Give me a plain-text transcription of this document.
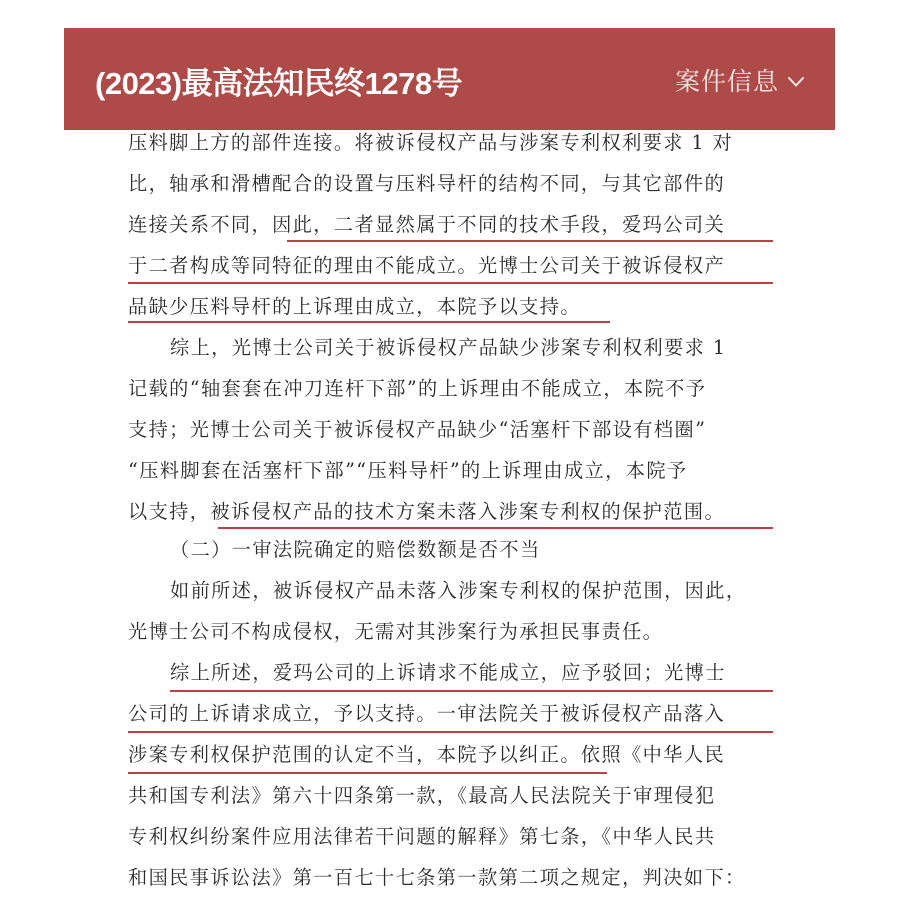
压料脚上方的部件连接。将被诉侵权产品与涉案专利权利要求 1 对
比，轴承和滑槽配合的设置与压料导杆的结构不同，与其它部件的
连接关系不同，因此，二者显然属于不同的技术手段，爱玛公司关
于二者构成等同特征的理由不能成立。光博士公司关于被诉侵权产
品缺少压料导杆的上诉理由成立，本院予以支持。
综上，光博士公司关于被诉侵权产品缺少涉案专利权利要求 1
记载的“轴套套在冲刀连杆下部”的上诉理由不能成立，本院不予
支持；光博士公司关于被诉侵权产品缺少“活塞杆下部设有档圈”
“压料脚套在活塞杆下部”“压料导杆”的上诉理由成立，本院予
以支持，被诉侵权产品的技术方案未落入涉案专利权的保护范围。
（二）一审法院确定的赔偿数额是否不当
如前所述，被诉侵权产品未落入涉案专利权的保护范围，因此，
光博士公司不构成侵权，无需对其涉案行为承担民事责任。
综上所述，爱玛公司的上诉请求不能成立，应予驳回；光博士
公司的上诉请求成立，予以支持。一审法院关于被诉侵权产品落入
涉案专利权保护范围的认定不当，本院予以纠正。依照《中华人民
共和国专利法》第六十四条第一款，《最高人民法院关于审理侵犯
专利权纠纷案件应用法律若干问题的解释》第七条，《中华人民共
和国民事诉讼法》第一百七十七条第一款第二项之规定，判决如下：
(2023)最高法知民终1278号	案件信息
